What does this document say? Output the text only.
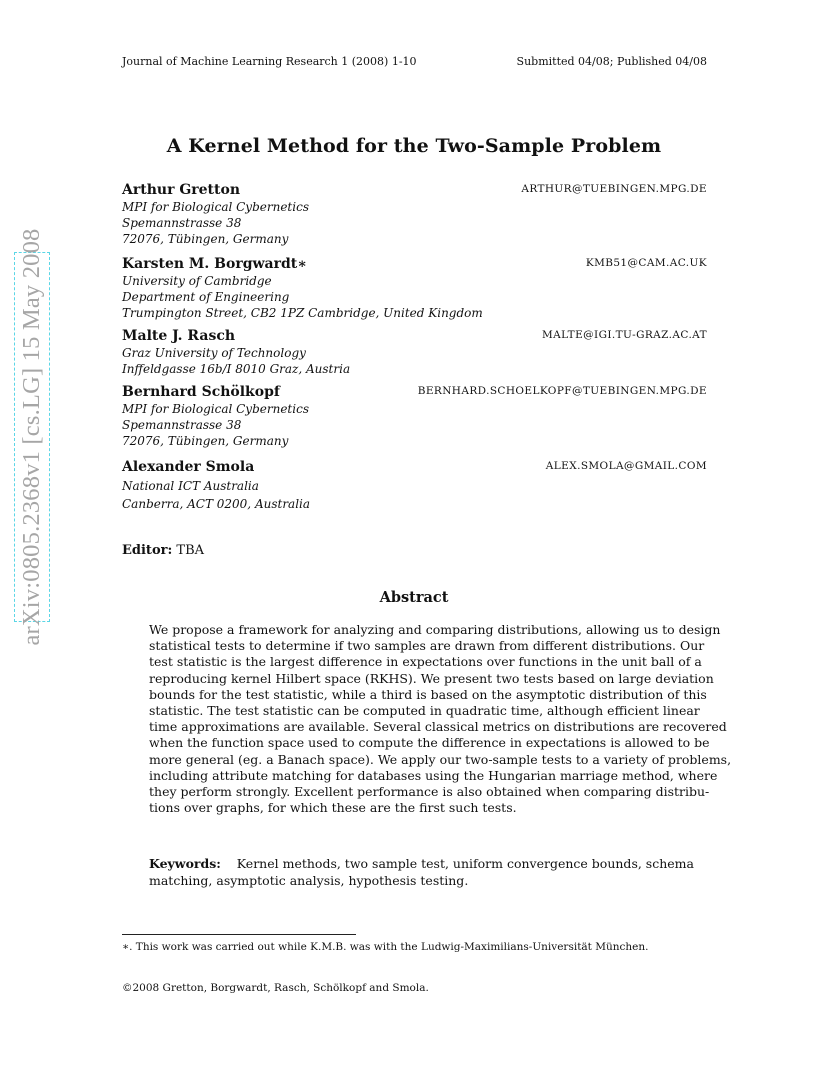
Journal of Machine Learning Research 1 (2008) 1-10	Submitted 04/08; Published 04/08
A Kernel Method for the Two-Sample Problem
Arthur Gretton	ARTHUR@TUEBINGEN.MPG.DE
MPI for Biological Cybernetics
Spemannstrasse 38
72076, Tübingen, Germany
Karsten M. Borgwardt∗	KMB51@CAM.AC.UK
University of Cambridge
Department of Engineering
Trumpington Street, CB2 1PZ Cambridge, United Kingdom
Malte J. Rasch	MALTE@IGI.TU-GRAZ.AC.AT
Graz University of Technology
Inffeldgasse 16b/I 8010 Graz, Austria
Bernhard Schölkopf	BERNHARD.SCHOELKOPF@TUEBINGEN.MPG.DE
MPI for Biological Cybernetics
Spemannstrasse 38
72076, Tübingen, Germany
Alexander Smola	ALEX.SMOLA@GMAIL.COM
National ICT Australia
Canberra, ACT 0200, Australia
Editor: TBA
Abstract
We propose a framework for analyzing and comparing distributions, allowing us to design
statistical tests to determine if two samples are drawn from different distributions. Our
test statistic is the largest difference in expectations over functions in the unit ball of a
reproducing kernel Hilbert space (RKHS). We present two tests based on large deviation
bounds for the test statistic, while a third is based on the asymptotic distribution of this
statistic. The test statistic can be computed in quadratic time, although efficient linear
time approximations are available. Several classical metrics on distributions are recovered
when the function space used to compute the difference in expectations is allowed to be
more general (eg. a Banach space). We apply our two-sample tests to a variety of problems,
including attribute matching for databases using the Hungarian marriage method, where
they perform strongly. Excellent performance is also obtained when comparing distribu-
tions over graphs, for which these are the first such tests.
Keywords: Kernel methods, two sample test, uniform convergence bounds, schema
matching, asymptotic analysis, hypothesis testing.
∗. This work was carried out while K.M.B. was with the Ludwig-Maximilians-Universität München.
©2008 Gretton, Borgwardt, Rasch, Schölkopf and Smola.
arXiv:0805.2368v1 [cs.LG] 15 May 2008
